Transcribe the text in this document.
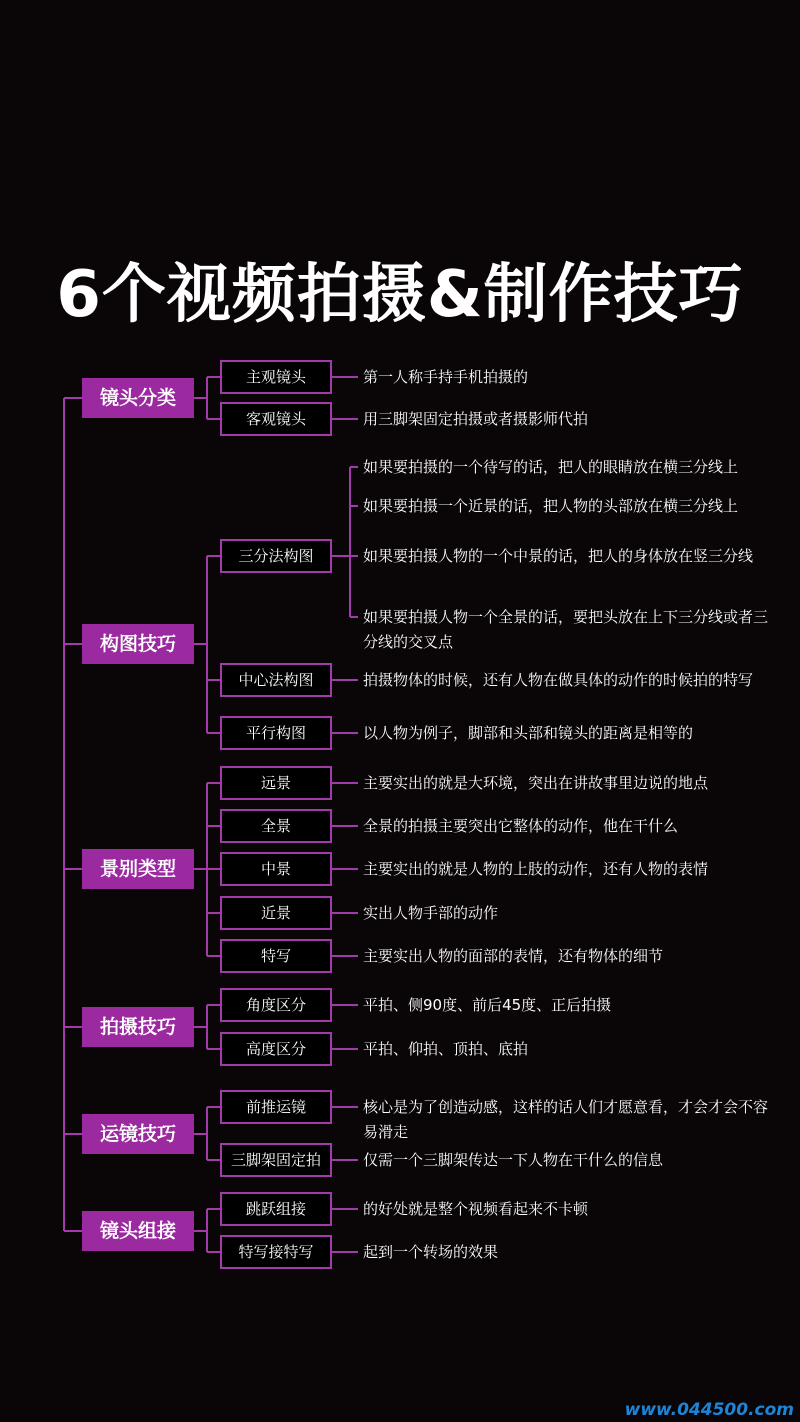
6个视频拍摄&制作技巧
www.044500.com
镜头分类
主观镜头	第一人称手持手机拍摄的
客观镜头	用三脚架固定拍摄或者摄影师代拍
构图技巧
三分法构图
如果要拍摄的一个待写的话，把人的眼睛放在横三分线上
如果要拍摄一个近景的话，把人物的头部放在横三分线上
如果要拍摄人物的一个中景的话，把人的身体放在竖三分线
如果要拍摄人物一个全景的话，要把头放在上下三分线或者三分线的交叉点
中心法构图	拍摄物体的时候，还有人物在做具体的动作的时候拍的特写
平行构图	以人物为例子，脚部和头部和镜头的距离是相等的
景别类型
远景	主要实出的就是大环境，突出在讲故事里边说的地点
全景	全景的拍摄主要突出它整体的动作，他在干什么
中景	主要实出的就是人物的上肢的动作，还有人物的表情
近景	实出人物手部的动作
特写	主要实出人物的面部的表情，还有物体的细节
拍摄技巧
角度区分	平拍、侧90度、前后45度、正后拍摄
高度区分	平拍、仰拍、顶拍、底拍
运镜技巧
前推运镜	核心是为了创造动感，这样的话人们才愿意看，才会才会不容易滑走
三脚架固定拍	仅需一个三脚架传达一下人物在干什么的信息
镜头组接
跳跃组接	的好处就是整个视频看起来不卡顿
特写接特写	起到一个转场的效果
